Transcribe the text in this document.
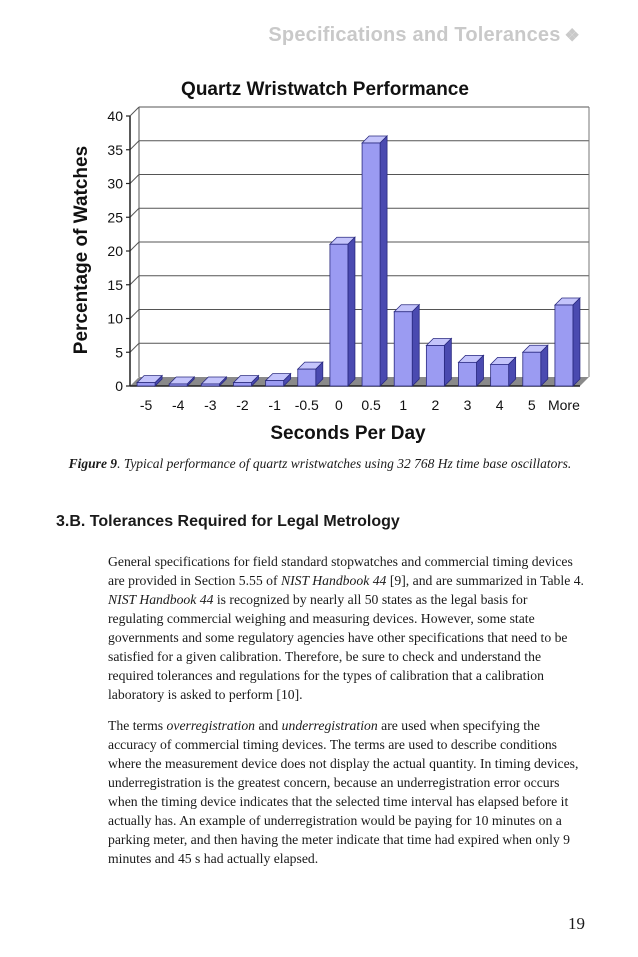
Specifications and Tolerances ❖
Quartz Wristwatch Performance
Percentage of Watches
Seconds Per Day
0
5
10
15
20
25
30
35
40
-5 -4 -3 -2 -1 -0.5 0 0.5 1 2 3 4 5 More
Figure 9. Typical performance of quartz wristwatches using 32 768 Hz time base oscillators.
3.B. Tolerances Required for Legal Metrology

General specifications for field standard stopwatches and commercial timing devices are provided in Section 5.55 of NIST Handbook 44 [9], and are summarized in Table 4. NIST Handbook 44 is recognized by nearly all 50 states as the legal basis for regulating commercial weighing and measuring devices. However, some state governments and some regulatory agencies have other specifications that need to be satisfied for a given calibration. Therefore, be sure to check and understand the required tolerances and regulations for the types of calibration that a calibration laboratory is asked to perform [10].

The terms overregistration and underregistration are used when specifying the accuracy of commercial timing devices. The terms are used to describe conditions where the measurement device does not display the actual quantity. In timing devices, underregistration is the greatest concern, because an underregistration error occurs when the timing device indicates that the selected time interval has elapsed before it actually has. An example of underregistration would be paying for 10 minutes on a parking meter, and then having the meter indicate that time had expired when only 9 minutes and 45 s had actually elapsed.

19
